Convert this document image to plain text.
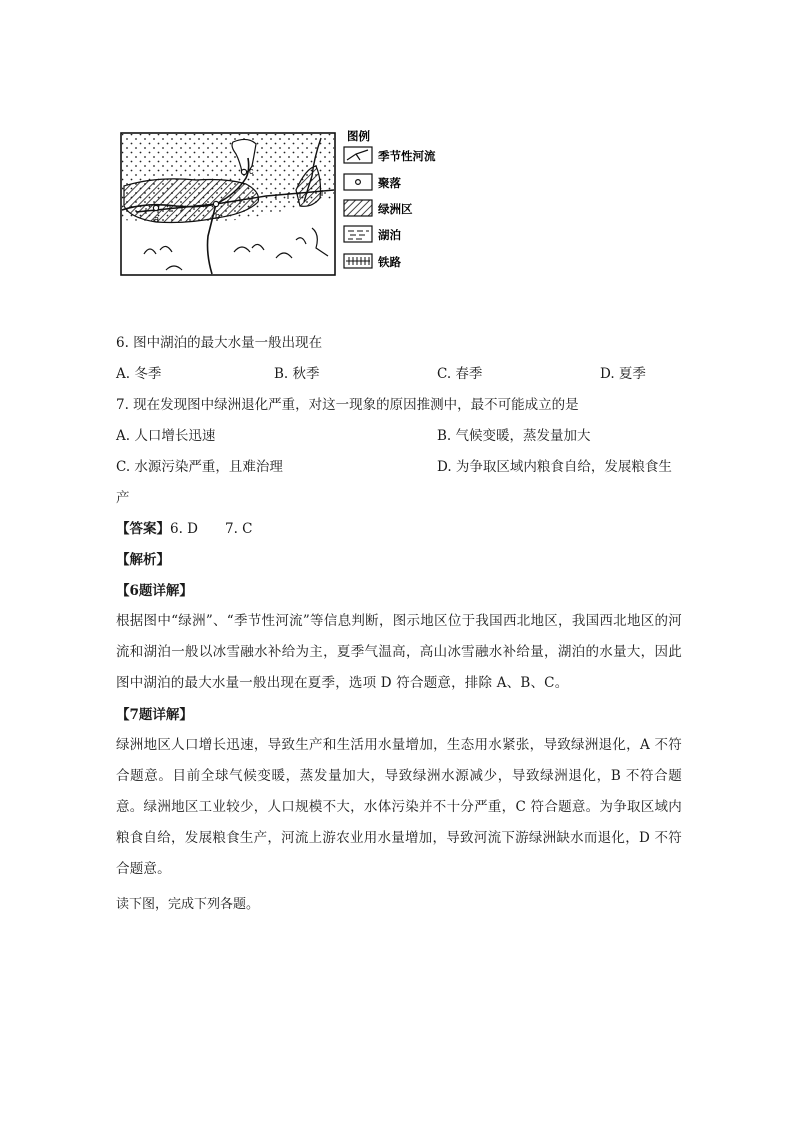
a	b
c
图例
季节性河流
聚落
绿洲区
湖泊
铁路
6. 图中湖泊的最大水量一般出现在
A. 冬季	B. 秋季	C. 春季	D. 夏季
7. 现在发现图中绿洲退化严重，对这一现象的原因推测中，最不可能成立的是
A. 人口增长迅速	B. 气候变暖，蒸发量加大
C. 水源污染严重，且难治理	D. 为争取区域内粮食自给，发展粮食生
产
【答案】6. D　　7. C
【解析】
【6题详解】
根据图中“绿洲”、“季节性河流”等信息判断，图示地区位于我国西北地区，我国西北地区的河流和湖泊一般以冰雪融水补给为主，夏季气温高，高山冰雪融水补给量，湖泊的水量大，因此图中湖泊的最大水量一般出现在夏季，选项 D 符合题意，排除 A、B、C。
【7题详解】
绿洲地区人口增长迅速，导致生产和生活用水量增加，生态用水紧张，导致绿洲退化，A 不符合题意。目前全球气候变暖，蒸发量加大，导致绿洲水源减少，导致绿洲退化，B 不符合题意。绿洲地区工业较少，人口规模不大，水体污染并不十分严重，C 符合题意。为争取区域内粮食自给，发展粮食生产，河流上游农业用水量增加，导致河流下游绿洲缺水而退化，D 不符合题意。
读下图，完成下列各题。
